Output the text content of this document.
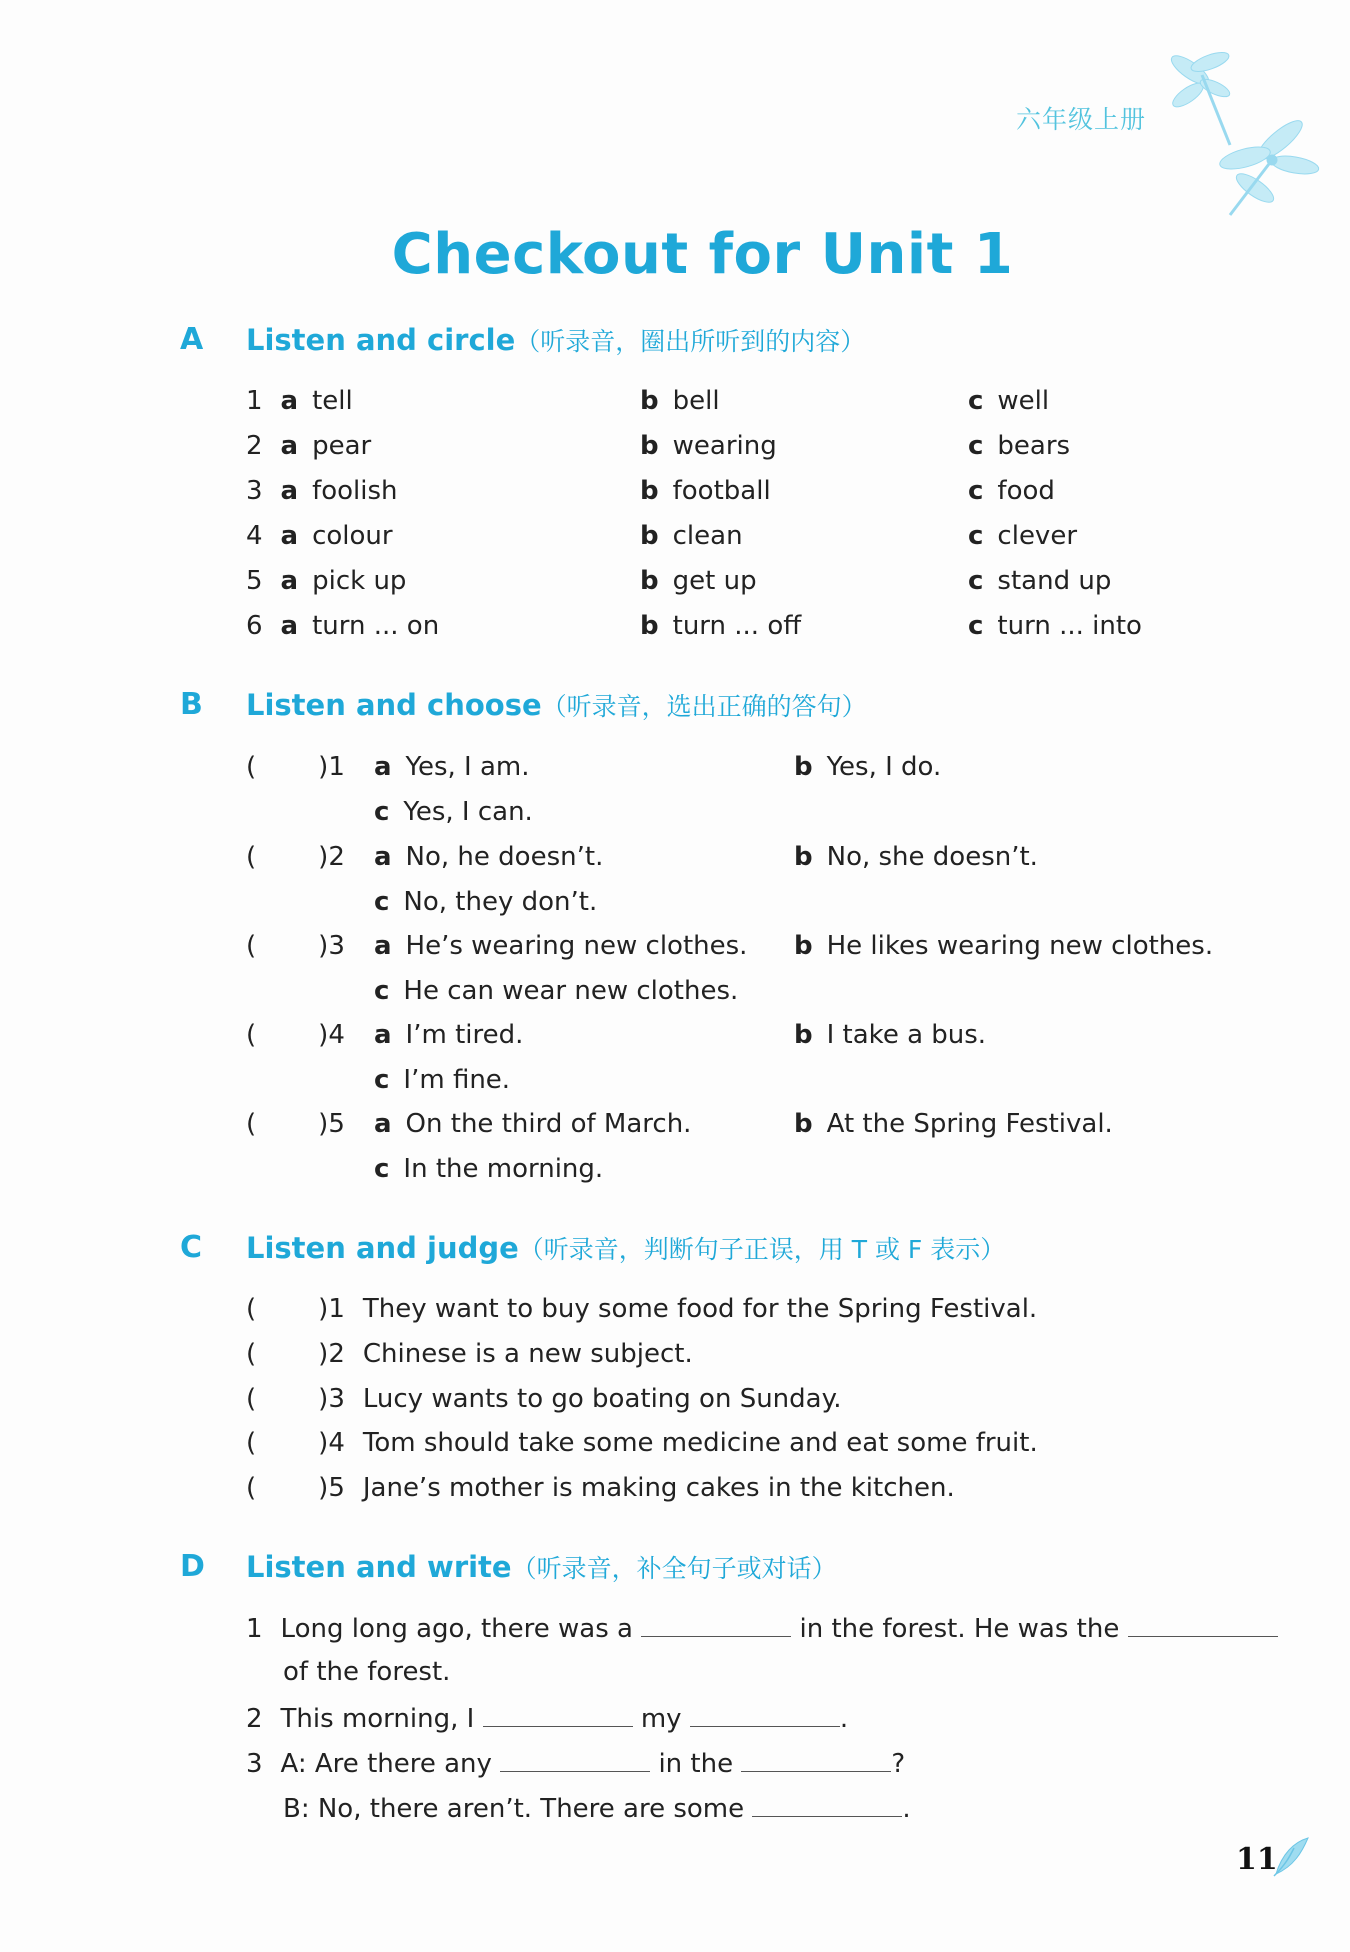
六年级上册
Checkout for Unit 1
A Listen and circle（听录音，圈出所听到的内容）
1 a tell	b bell	c well
2 a pear	b wearing	c bears
3 a foolish	b football	c food
4 a colour	b clean	c clever
5 a pick up	b get up	c stand up
6 a turn ... on	b turn ... off	c turn ... into
B Listen and choose（听录音，选出正确的答句）
( )1 a Yes, I am.	b Yes, I do.
c Yes, I can.
( )2 a No, he doesn’t.	b No, she doesn’t.
c No, they don’t.
( )3 a He’s wearing new clothes. b He likes wearing new clothes.
c He can wear new clothes.
( )4 a I’m tired.	b I take a bus.
c I’m fine.
( )5 a On the third of March.	b At the Spring Festival.
c In the morning.
C Listen and judge（听录音，判断句子正误，用 T 或 F 表示）
( )1 They want to buy some food for the Spring Festival.
( )2 Chinese is a new subject.
( )3 Lucy wants to go boating on Sunday.
( )4 Tom should take some medicine and eat some fruit.
( )5 Jane’s mother is making cakes in the kitchen.
D Listen and write（听录音，补全句子或对话）
1 Long long ago, there was a	in the forest. He was the
of the forest.
2 This morning, I	my	.
3 A: Are there any	in the	?
B: No, there aren’t. There are some	.
11
